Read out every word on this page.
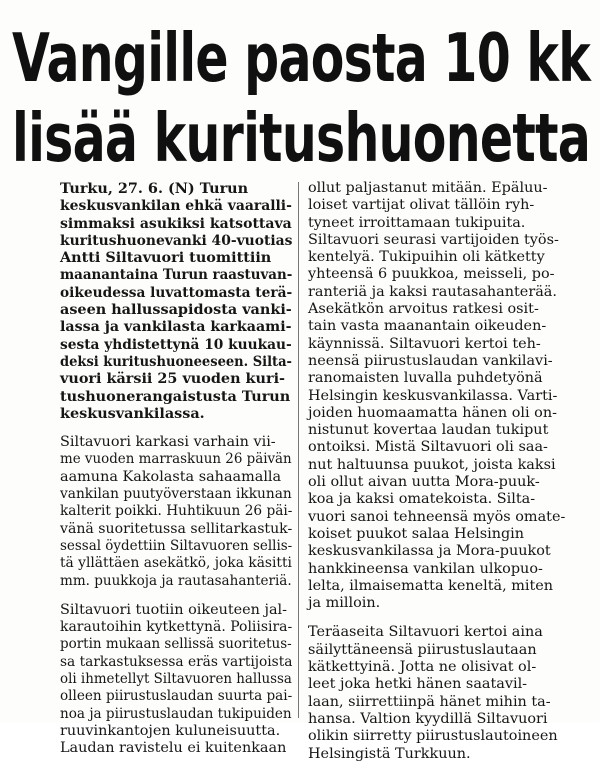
Vangille paosta 10 kk
lisää kuritushuonetta
Turku, 27. 6. (N) Turun
keskusvankilan ehkä vaaralli-
simmaksi asukiksi katsottava
kuritushuonevanki 40-vuotias
Antti Siltavuori tuomittiin
maanantaina Turun raastuvan-
oikeudessa luvattomasta terä-
aseen hallussapidosta vanki-
lassa ja vankilasta karkaami-
sesta yhdistettynä 10 kuukau-
deksi kuritushuoneeseen. Silta-
vuori kärsii 25 vuoden kuri-
tushuonerangaistusta Turun
keskusvankilassa.
Siltavuori karkasi varhain vii-
me vuoden marraskuun 26 päivän
aamuna Kakolasta sahaamalla
vankilan puutyöverstaan ikkunan
kalterit poikki. Huhtikuun 26 päi-
vänä suoritetussa sellitarkastuk-
sessal öydettiin Siltavuoren sellis-
tä yllättäen asekätkö, joka käsitti
mm. puukkoja ja rautasahanteriä.
Siltavuori tuotiin oikeuteen jal-
karautoihin kytkettynä. Poliisira-
portin mukaan sellissä suoritetus-
sa tarkastuksessa eräs vartijoista
oli ihmetellyt Siltavuoren hallussa
olleen piirustuslaudan suurta pai-
noa ja piirustuslaudan tukipuiden
ruuvinkantojen kuluneisuutta.
Laudan ravistelu ei kuitenkaan
ollut paljastanut mitään. Epäluu-
loiset vartijat olivat tällöin ryh-
tyneet irroittamaan tukipuita.
Siltavuori seurasi vartijoiden työs-
kentelyä. Tukipuihin oli kätketty
yhteensä 6 puukkoa, meisseli, po-
ranteriä ja kaksi rautasahanterää.
Asekätkön arvoitus ratkesi osit-
tain vasta maanantain oikeuden-
käynnissä. Siltavuori kertoi teh-
neensä piirustuslaudan vankilavi-
ranomaisten luvalla puhdetyönä
Helsingin keskusvankilassa. Varti-
joiden huomaamatta hänen oli on-
nistunut kovertaa laudan tukiput
ontoiksi. Mistä Siltavuori oli saa-
nut haltuunsa puukot, joista kaksi
oli ollut aivan uutta Mora-puuk-
koa ja kaksi omatekoista. Silta-
vuori sanoi tehneensä myös omate-
koiset puukot salaa Helsingin
keskusvankilassa ja Mora-puukot
hankkineensa vankilan ulkopuo-
lelta, ilmaisematta keneltä, miten
ja milloin.
Teräaseita Siltavuori kertoi aina
säilyttäneensä piirustuslautaan
kätkettyinä. Jotta ne olisivat ol-
leet joka hetki hänen saatavil-
laan, siirrettiinpä hänet mihin ta-
hansa. Valtion kyydillä Siltavuori
olikin siirretty piirustuslautoineen
Helsingistä Turkkuun.
